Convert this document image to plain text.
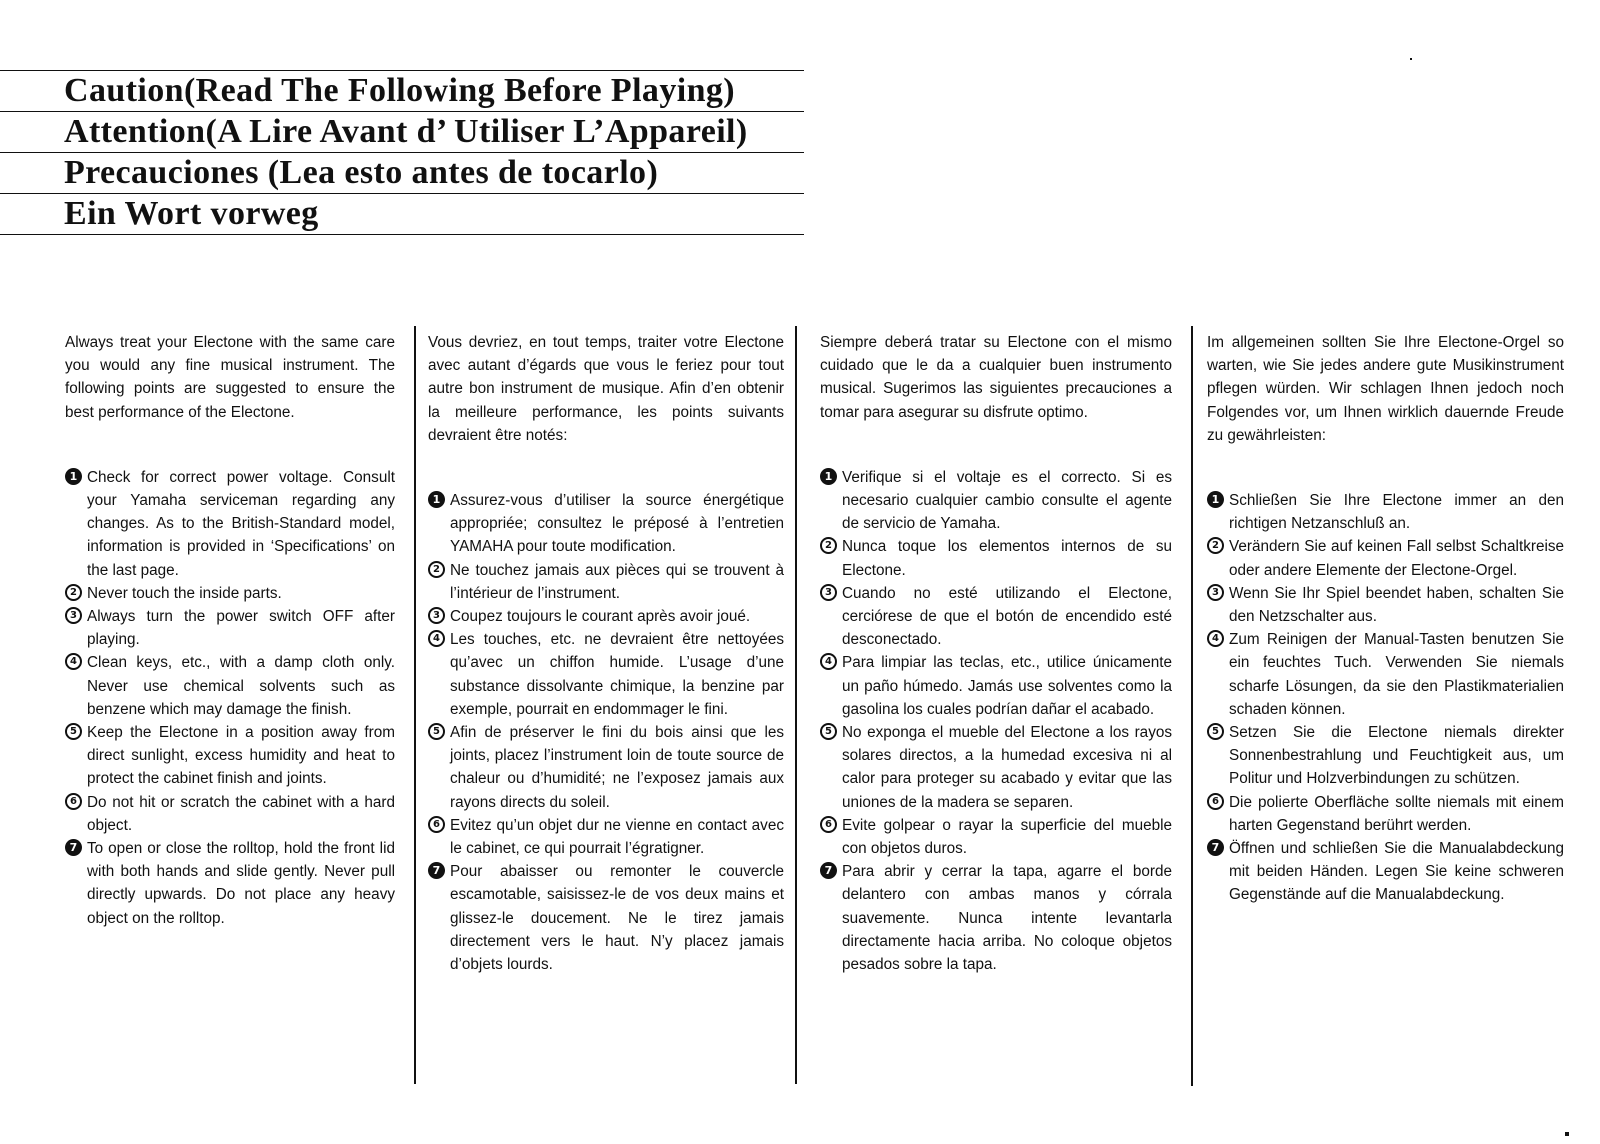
Caution(Read The Following Before Playing)
Attention(A Lire Avant d’ Utiliser L’Appareil)
Precauciones (Lea esto antes de tocarlo)
Ein Wort vorweg

Always treat your Electone with the same care you would any fine musical instrument. The following points are suggested to ensure the best performance of the Electone.

1 Check for correct power voltage. Consult your Yamaha serviceman regarding any changes. As to the British-Standard model, information is provided in ‘Specifications’ on the last page.
2 Never touch the inside parts.
3 Always turn the power switch OFF after playing.
4 Clean keys, etc., with a damp cloth only. Never use chemical solvents such as benzene which may damage the finish.
5 Keep the Electone in a position away from direct sunlight, excess humidity and heat to protect the cabinet finish and joints.
6 Do not hit or scratch the cabinet with a hard object.
7 To open or close the rolltop, hold the front lid with both hands and slide gently. Never pull directly upwards. Do not place any heavy object on the rolltop.

Vous devriez, en tout temps, traiter votre Electone avec autant d’égards que vous le feriez pour tout autre bon instrument de musique. Afin d’en obtenir la meilleure performance, les points suivants devraient être notés:

1 Assurez-vous d’utiliser la source énergétique appropriée; consultez le préposé à l’entretien YAMAHA pour toute modification.
2 Ne touchez jamais aux pièces qui se trouvent à l’intérieur de l’instrument.
3 Coupez toujours le courant après avoir joué.
4 Les touches, etc. ne devraient être nettoyées qu’avec un chiffon humide. L’usage d’une substance dissolvante chimique, la benzine par exemple, pourrait en endommager le fini.
5 Afin de préserver le fini du bois ainsi que les joints, placez l’instrument loin de toute source de chaleur ou d’humidité; ne l’exposez jamais aux rayons directs du soleil.
6 Evitez qu’un objet dur ne vienne en contact avec le cabinet, ce qui pourrait l’égratigner.
7 Pour abaisser ou remonter le couvercle escamotable, saisissez-le de vos deux mains et glissez-le doucement. Ne le tirez jamais directement vers le haut. N’y placez jamais d’objets lourds.

Siempre deberá tratar su Electone con el mismo cuidado que le da a cualquier buen instrumento musical. Sugerimos las siguientes precauciones a tomar para asegurar su disfrute optimo.

1 Verifique si el voltaje es el correcto. Si es necesario cualquier cambio consulte el agente de servicio de Yamaha.
2 Nunca toque los elementos internos de su Electone.
3 Cuando no esté utilizando el Electone, cerciórese de que el botón de encendido esté desconectado.
4 Para limpiar las teclas, etc., utilice únicamente un paño húmedo. Jamás use solventes como la gasolina los cuales podrían dañar el acabado.
5 No exponga el mueble del Electone a los rayos solares directos, a la humedad excesiva ni al calor para proteger su acabado y evitar que las uniones de la madera se separen.
6 Evite golpear o rayar la superficie del mueble con objetos duros.
7 Para abrir y cerrar la tapa, agarre el borde delantero con ambas manos y córrala suavemente. Nunca intente levantarla directamente hacia arriba. No coloque objetos pesados sobre la tapa.

Im allgemeinen sollten Sie Ihre Electone-Orgel so warten, wie Sie jedes andere gute Musikinstrument pflegen würden. Wir schlagen Ihnen jedoch noch Folgendes vor, um Ihnen wirklich dauernde Freude zu gewährleisten:

1 Schließen Sie Ihre Electone immer an den richtigen Netzanschluß an.
2 Verändern Sie auf keinen Fall selbst Schaltkreise oder andere Elemente der Electone-Orgel.
3 Wenn Sie Ihr Spiel beendet haben, schalten Sie den Netzschalter aus.
4 Zum Reinigen der Manual-Tasten benutzen Sie ein feuchtes Tuch. Verwenden Sie niemals scharfe Lösungen, da sie den Plastikmaterialien schaden können.
5 Setzen Sie die Electone niemals direkter Sonnenbestrahlung und Feuchtigkeit aus, um Politur und Holzverbindungen zu schützen.
6 Die polierte Oberfläche sollte niemals mit einem harten Gegenstand berührt werden.
7 Öffnen und schließen Sie die Manualabdeckung mit beiden Händen. Legen Sie keine schweren Gegenstände auf die Manualabdeckung.
